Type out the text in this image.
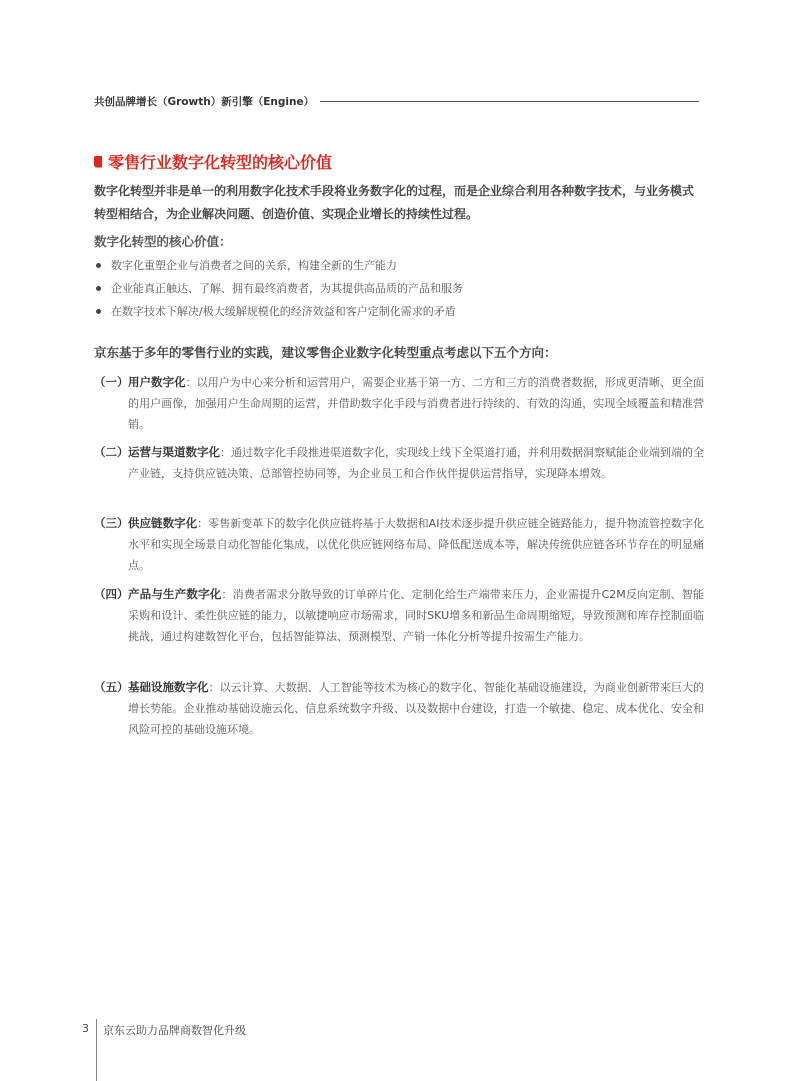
共创品牌增长（Growth）新引擎（Engine）
零售行业数字化转型的核心价值
数字化转型并非是单一的利用数字化技术手段将业务数字化的过程，而是企业综合利用各种数字技术，与业务模式转型相结合，为企业解决问题、创造价值、实现企业增长的持续性过程。
数字化转型的核心价值：
数字化重塑企业与消费者之间的关系，构建全新的生产能力
企业能真正触达、了解、拥有最终消费者，为其提供高品质的产品和服务
在数字技术下解决/极大缓解规模化的经济效益和客户定制化需求的矛盾
京东基于多年的零售行业的实践，建议零售企业数字化转型重点考虑以下五个方向：
（一） 用户数字化：以用户为中心来分析和运营用户，需要企业基于第一方、二方和三方的消费者数据，形成更清晰、更全面的用户画像，加强用户生命周期的运营，并借助数字化手段与消费者进行持续的、有效的沟通，实现全域覆盖和精准营销。
（二） 运营与渠道数字化：通过数字化手段推进渠道数字化，实现线上线下全渠道打通，并利用数据洞察赋能企业端到端的全产业链，支持供应链决策、总部管控协同等，为企业员工和合作伙伴提供运营指导，实现降本增效。
（三） 供应链数字化：零售新变革下的数字化供应链将基于大数据和AI技术逐步提升供应链全链路能力，提升物流管控数字化水平和实现全场景自动化智能化集成，以优化供应链网络布局、降低配送成本等，解决传统供应链各环节存在的明显痛点。
（四） 产品与生产数字化：消费者需求分散导致的订单碎片化、定制化给生产端带来压力，企业需提升C2M反向定制、智能采购和设计、柔性供应链的能力，以敏捷响应市场需求，同时SKU增多和新品生命周期缩短，导致预测和库存控制面临挑战，通过构建数智化平台，包括智能算法、预测模型、产销一体化分析等提升按需生产能力。
（五） 基础设施数字化：以云计算、大数据、人工智能等技术为核心的数字化、智能化基础设施建设，为商业创新带来巨大的增长势能。企业推动基础设施云化、信息系统数字升级、以及数据中台建设，打造一个敏捷、稳定、成本优化、安全和风险可控的基础设施环境。
3 京东云助力品牌商数智化升级
